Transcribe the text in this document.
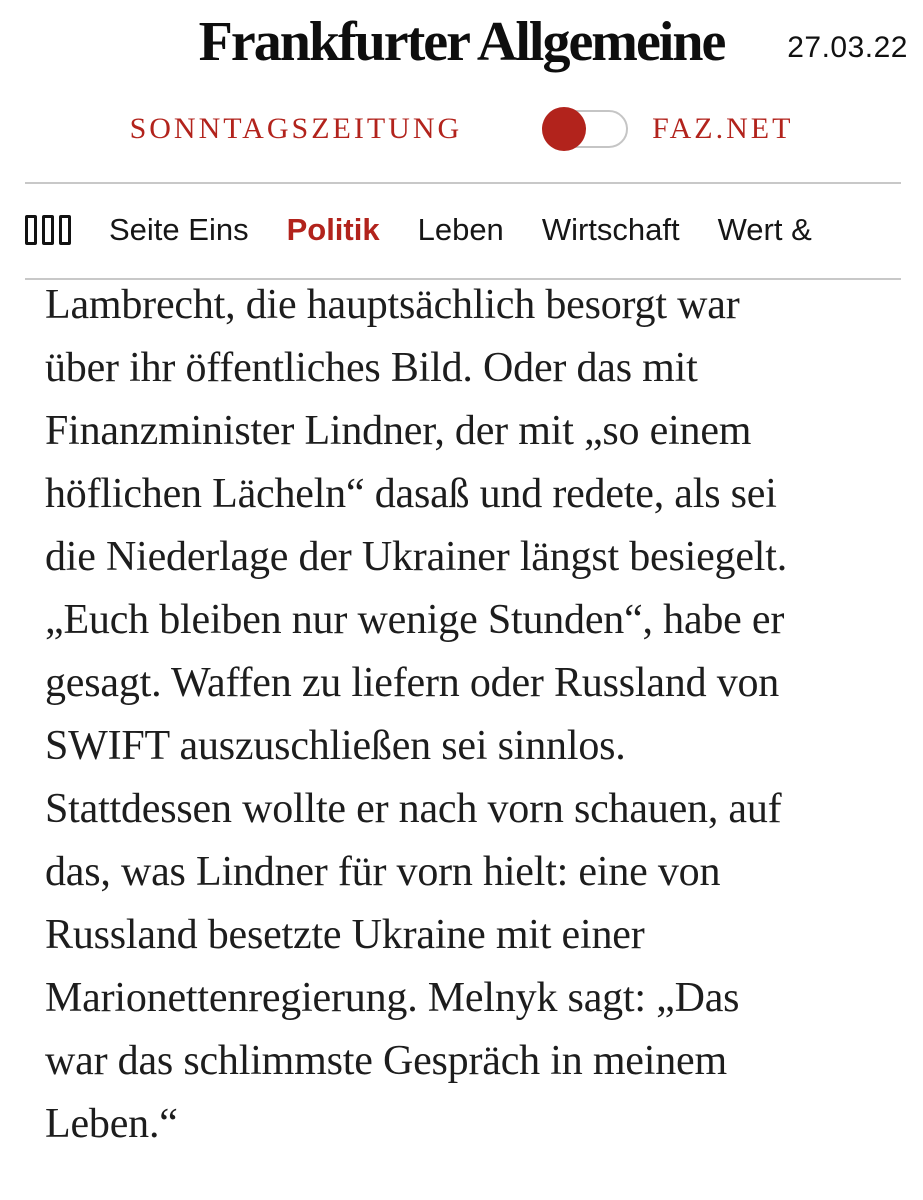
Frankfurter Allgemeine	27.03.22
SONNTAGSZEITUNG	FAZ.NET
Seite Eins Politik Leben Wirtschaft Wert &
Lambrecht, die hauptsächlich besorgt war
über ihr öffentliches Bild. Oder das mit
Finanzminister Lindner, der mit „so einem
höflichen Lächeln“ dasaß und redete, als sei
die Niederlage der Ukrainer längst besiegelt.
„Euch bleiben nur wenige Stunden“, habe er
gesagt. Waffen zu liefern oder Russland von
SWIFT auszuschließen sei sinnlos.
Stattdessen wollte er nach vorn schauen, auf
das, was Lindner für vorn hielt: eine von
Russland besetzte Ukraine mit einer
Marionettenregierung. Melnyk sagt: „Das
war das schlimmste Gespräch in meinem
Leben.“
